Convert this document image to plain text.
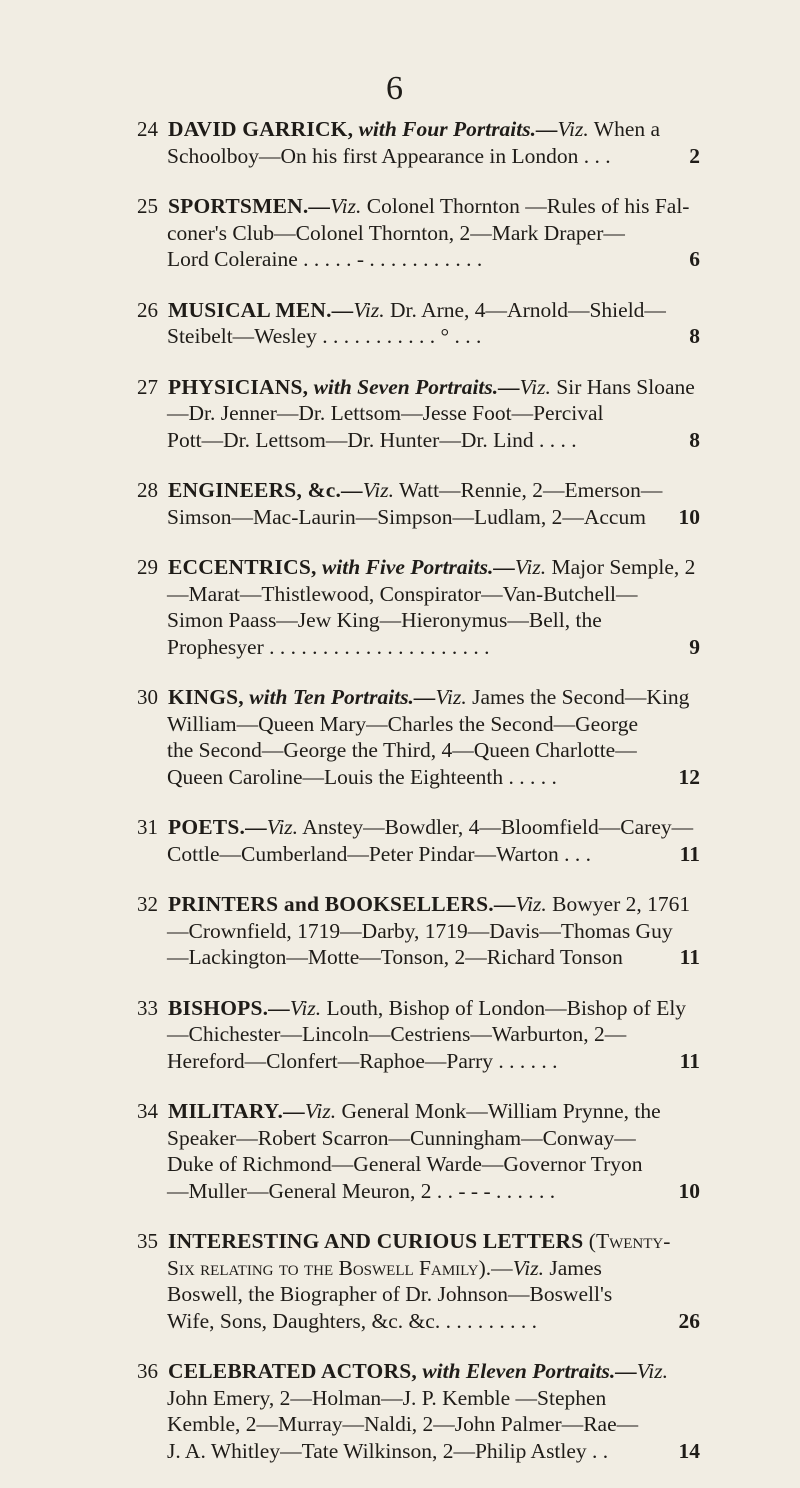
6
24 DAVID GARRICK, with Four Portraits.—Viz. When a
Schoolboy—On his first Appearance in London . . .	2
25 SPORTSMEN.—Viz. Colonel Thornton —Rules of his Fal-
coner's Club—Colonel Thornton, 2—Mark Draper—
Lord Coleraine . . . . . - . . . . . . . . . . .	6
26 MUSICAL MEN.—Viz. Dr. Arne, 4—Arnold—Shield—
Steibelt—Wesley . . . . . . . . . . . ° . . .	8
27 PHYSICIANS, with Seven Portraits.—Viz. Sir Hans Sloane
—Dr. Jenner—Dr. Lettsom—Jesse Foot—Percival
Pott—Dr. Lettsom—Dr. Hunter—Dr. Lind . . . .	8
28 ENGINEERS, &c.—Viz. Watt—Rennie, 2—Emerson—
Simson—Mac-Laurin—Simpson—Ludlam, 2—Accum 10
29 ECCENTRICS, with Five Portraits.—Viz. Major Semple, 2
—Marat—Thistlewood, Conspirator—Van-Butchell—
Simon Paass—Jew King—Hieronymus—Bell, the
Prophesyer . . . . . . . . . . . . . . . . . . . . .	9
30 KINGS, with Ten Portraits.—Viz. James the Second—King
William—Queen Mary—Charles the Second—George
the Second—George the Third, 4—Queen Charlotte—
Queen Caroline—Louis the Eighteenth . . . . .	12
31 POETS.—Viz. Anstey—Bowdler, 4—Bloomfield—Carey—
Cottle—Cumberland—Peter Pindar—Warton . . .	11
32 PRINTERS and BOOKSELLERS.—Viz. Bowyer 2, 1761
—Crownfield, 1719—Darby, 1719—Davis—Thomas Guy
—Lackington—Motte—Tonson, 2—Richard Tonson	11
33 BISHOPS.—Viz. Louth, Bishop of London—Bishop of Ely
—Chichester—Lincoln—Cestriens—Warburton, 2—
Hereford—Clonfert—Raphoe—Parry . . . . . .	11
34 MILITARY.—Viz. General Monk—William Prynne, the
Speaker—Robert Scarron—Cunningham—Conway—
Duke of Richmond—General Warde—Governor Tryon
—Muller—General Meuron, 2 . . - - - . . . . . .	10
35 INTERESTING AND CURIOUS LETTERS (Twenty-
Six relating to the Boswell Family).—Viz. James
Boswell, the Biographer of Dr. Johnson—Boswell's
Wife, Sons, Daughters, &c. &c. . . . . . . . . .	26
36 CELEBRATED ACTORS, with Eleven Portraits.—Viz.
John Emery, 2—Holman—J. P. Kemble —Stephen
Kemble, 2—Murray—Naldi, 2—John Palmer—Rae—
J. A. Whitley—Tate Wilkinson, 2—Philip Astley . .	14
